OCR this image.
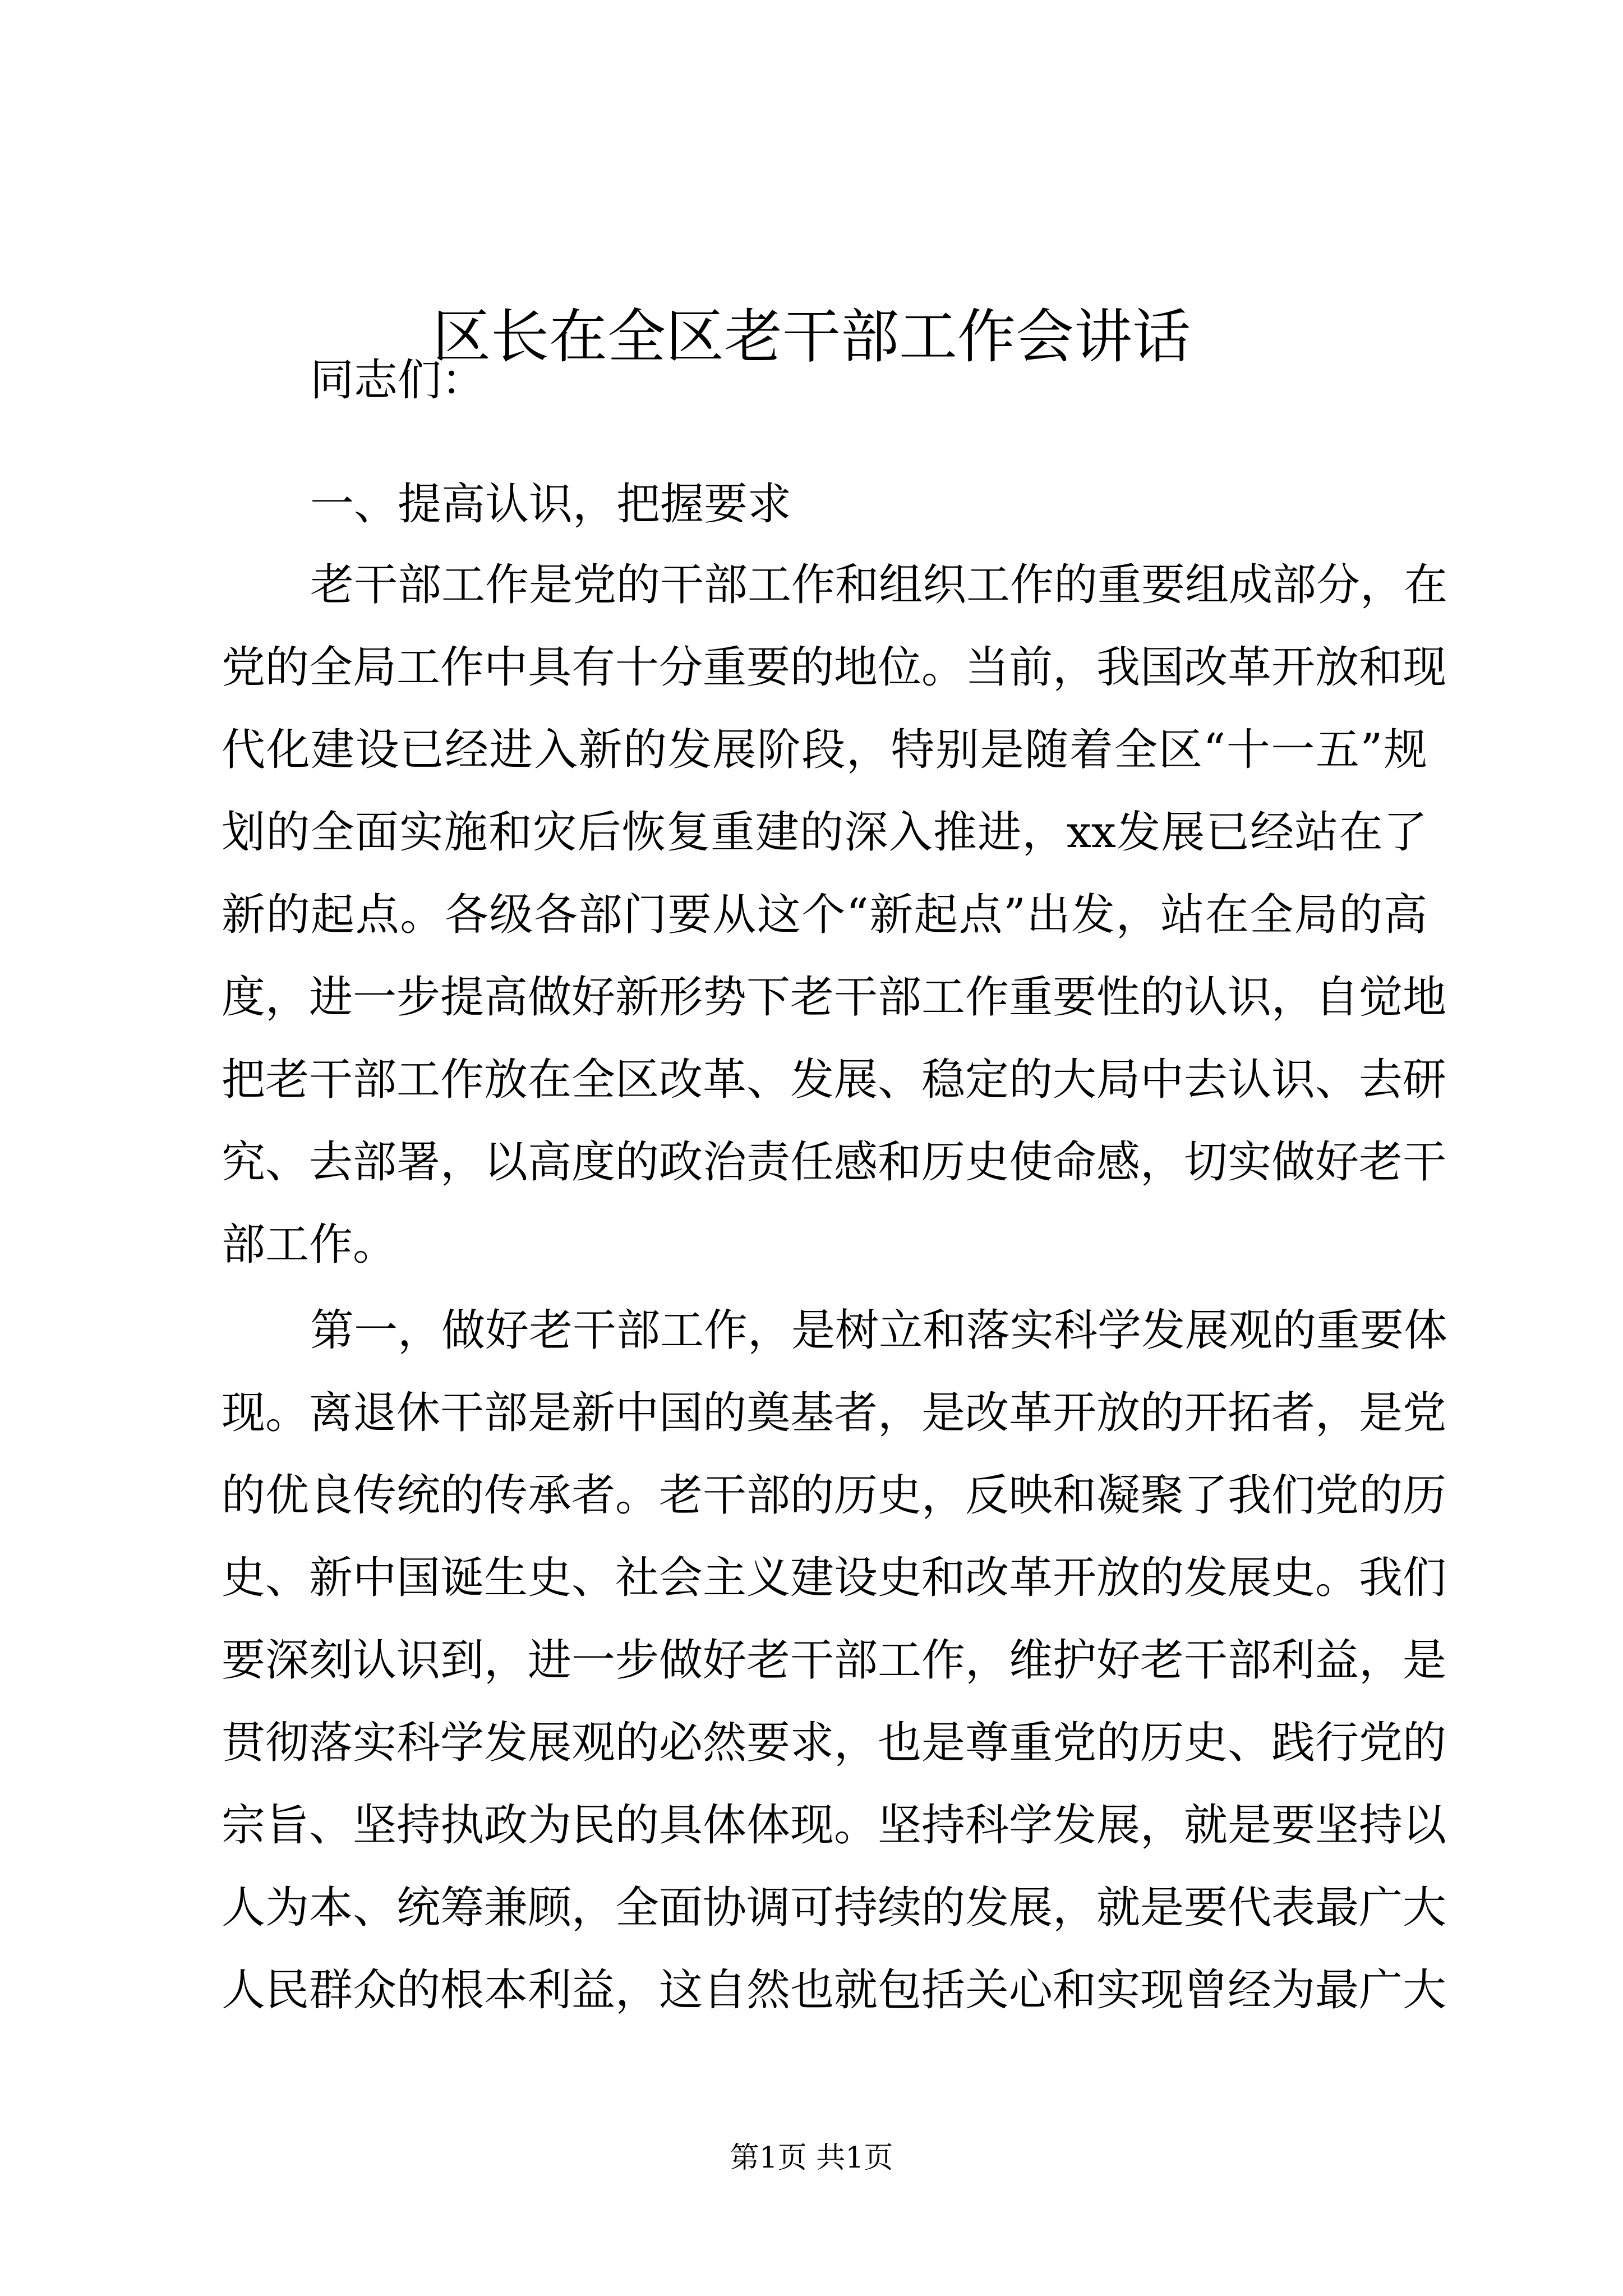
区长在全区老干部工作会讲话
同志们：
一、提高认识，把握要求
老干部工作是党的干部工作和组织工作的重要组成部分，在
党的全局工作中具有十分重要的地位。当前，我国改革开放和现
代化建设已经进入新的发展阶段，特别是随着全区“十一五”规
划的全面实施和灾后恢复重建的深入推进，xx发展已经站在了
新的起点。各级各部门要从这个“新起点”出发，站在全局的高
度，进一步提高做好新形势下老干部工作重要性的认识，自觉地
把老干部工作放在全区改革、发展、稳定的大局中去认识、去研
究、去部署，以高度的政治责任感和历史使命感，切实做好老干
部工作。
第一，做好老干部工作，是树立和落实科学发展观的重要体
现。离退休干部是新中国的奠基者，是改革开放的开拓者，是党
的优良传统的传承者。老干部的历史，反映和凝聚了我们党的历
史、新中国诞生史、社会主义建设史和改革开放的发展史。我们
要深刻认识到，进一步做好老干部工作，维护好老干部利益，是
贯彻落实科学发展观的必然要求，也是尊重党的历史、践行党的
宗旨、坚持执政为民的具体体现。坚持科学发展，就是要坚持以
人为本、统筹兼顾，全面协调可持续的发展，就是要代表最广大
人民群众的根本利益，这自然也就包括关心和实现曾经为最广大
第1页 共1页
